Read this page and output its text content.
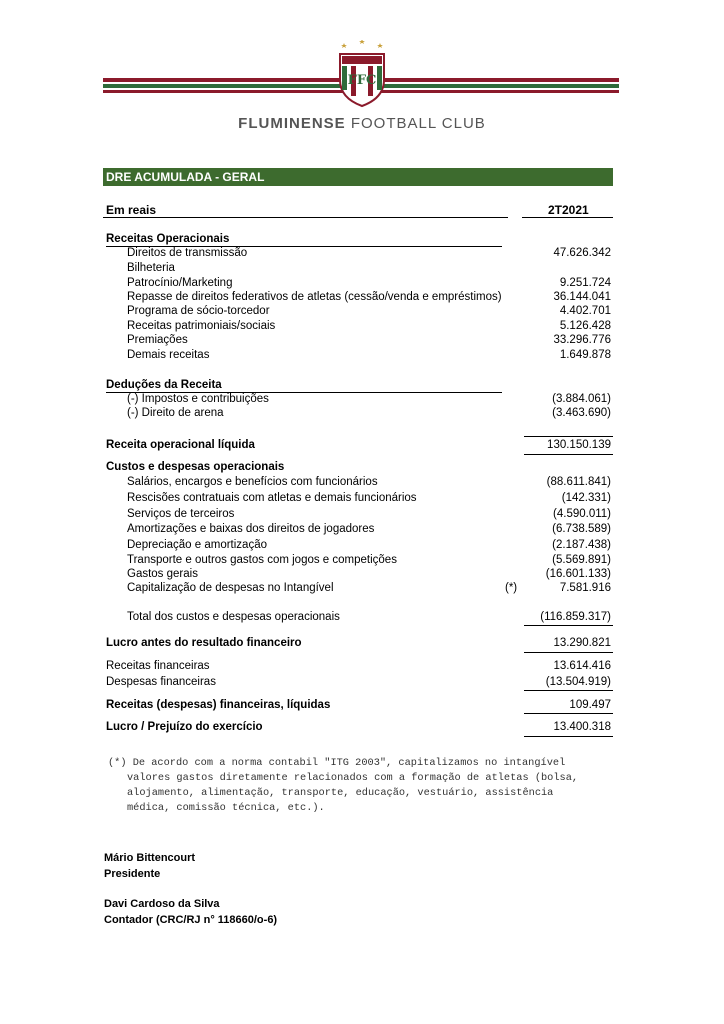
FFC
FLUMINENSE FOOTBALL CLUB
DRE ACUMULADA - GERAL
Em reais	2T2021
Receitas Operacionais
Direitos de transmissão	47.626.342
Bilheteria
Patrocínio/Marketing	9.251.724
Repasse de direitos federativos de atletas (cessão/venda e empréstimos)	36.144.041
Programa de sócio-torcedor	4.402.701
Receitas patrimoniais/sociais	5.126.428
Premiações	33.296.776
Demais receitas	1.649.878
Deduções da Receita
(-) Impostos e contribuições	(3.884.061)
(-) Direito de arena	(3.463.690)
Receita operacional líquida	130.150.139
Custos e despesas operacionais
Salários, encargos e benefícios com funcionários	(88.611.841)
Rescisões contratuais com atletas e demais funcionários	(142.331)
Serviços de terceiros	(4.590.011)
Amortizações e baixas dos direitos de jogadores	(6.738.589)
Depreciação e amortização	(2.187.438)
Transporte e outros gastos com jogos e competições	(5.569.891)
Gastos gerais	(16.601.133)
Capitalização de despesas no Intangível	(*)	7.581.916
Total dos custos e despesas operacionais	(116.859.317)
Lucro antes do resultado financeiro	13.290.821
Receitas financeiras	13.614.416
Despesas financeiras	(13.504.919)
Receitas (despesas) financeiras, líquidas	109.497
Lucro / Prejuízo do exercício	13.400.318
(*) De acordo com a norma contabil "ITG 2003", capitalizamos no intangível
valores gastos diretamente relacionados com a formação de atletas (bolsa,
alojamento, alimentação, transporte, educação, vestuário, assistência
médica, comissão técnica, etc.).
Mário Bittencourt
Presidente
Davi Cardoso da Silva
Contador (CRC/RJ n° 118660/o-6)
